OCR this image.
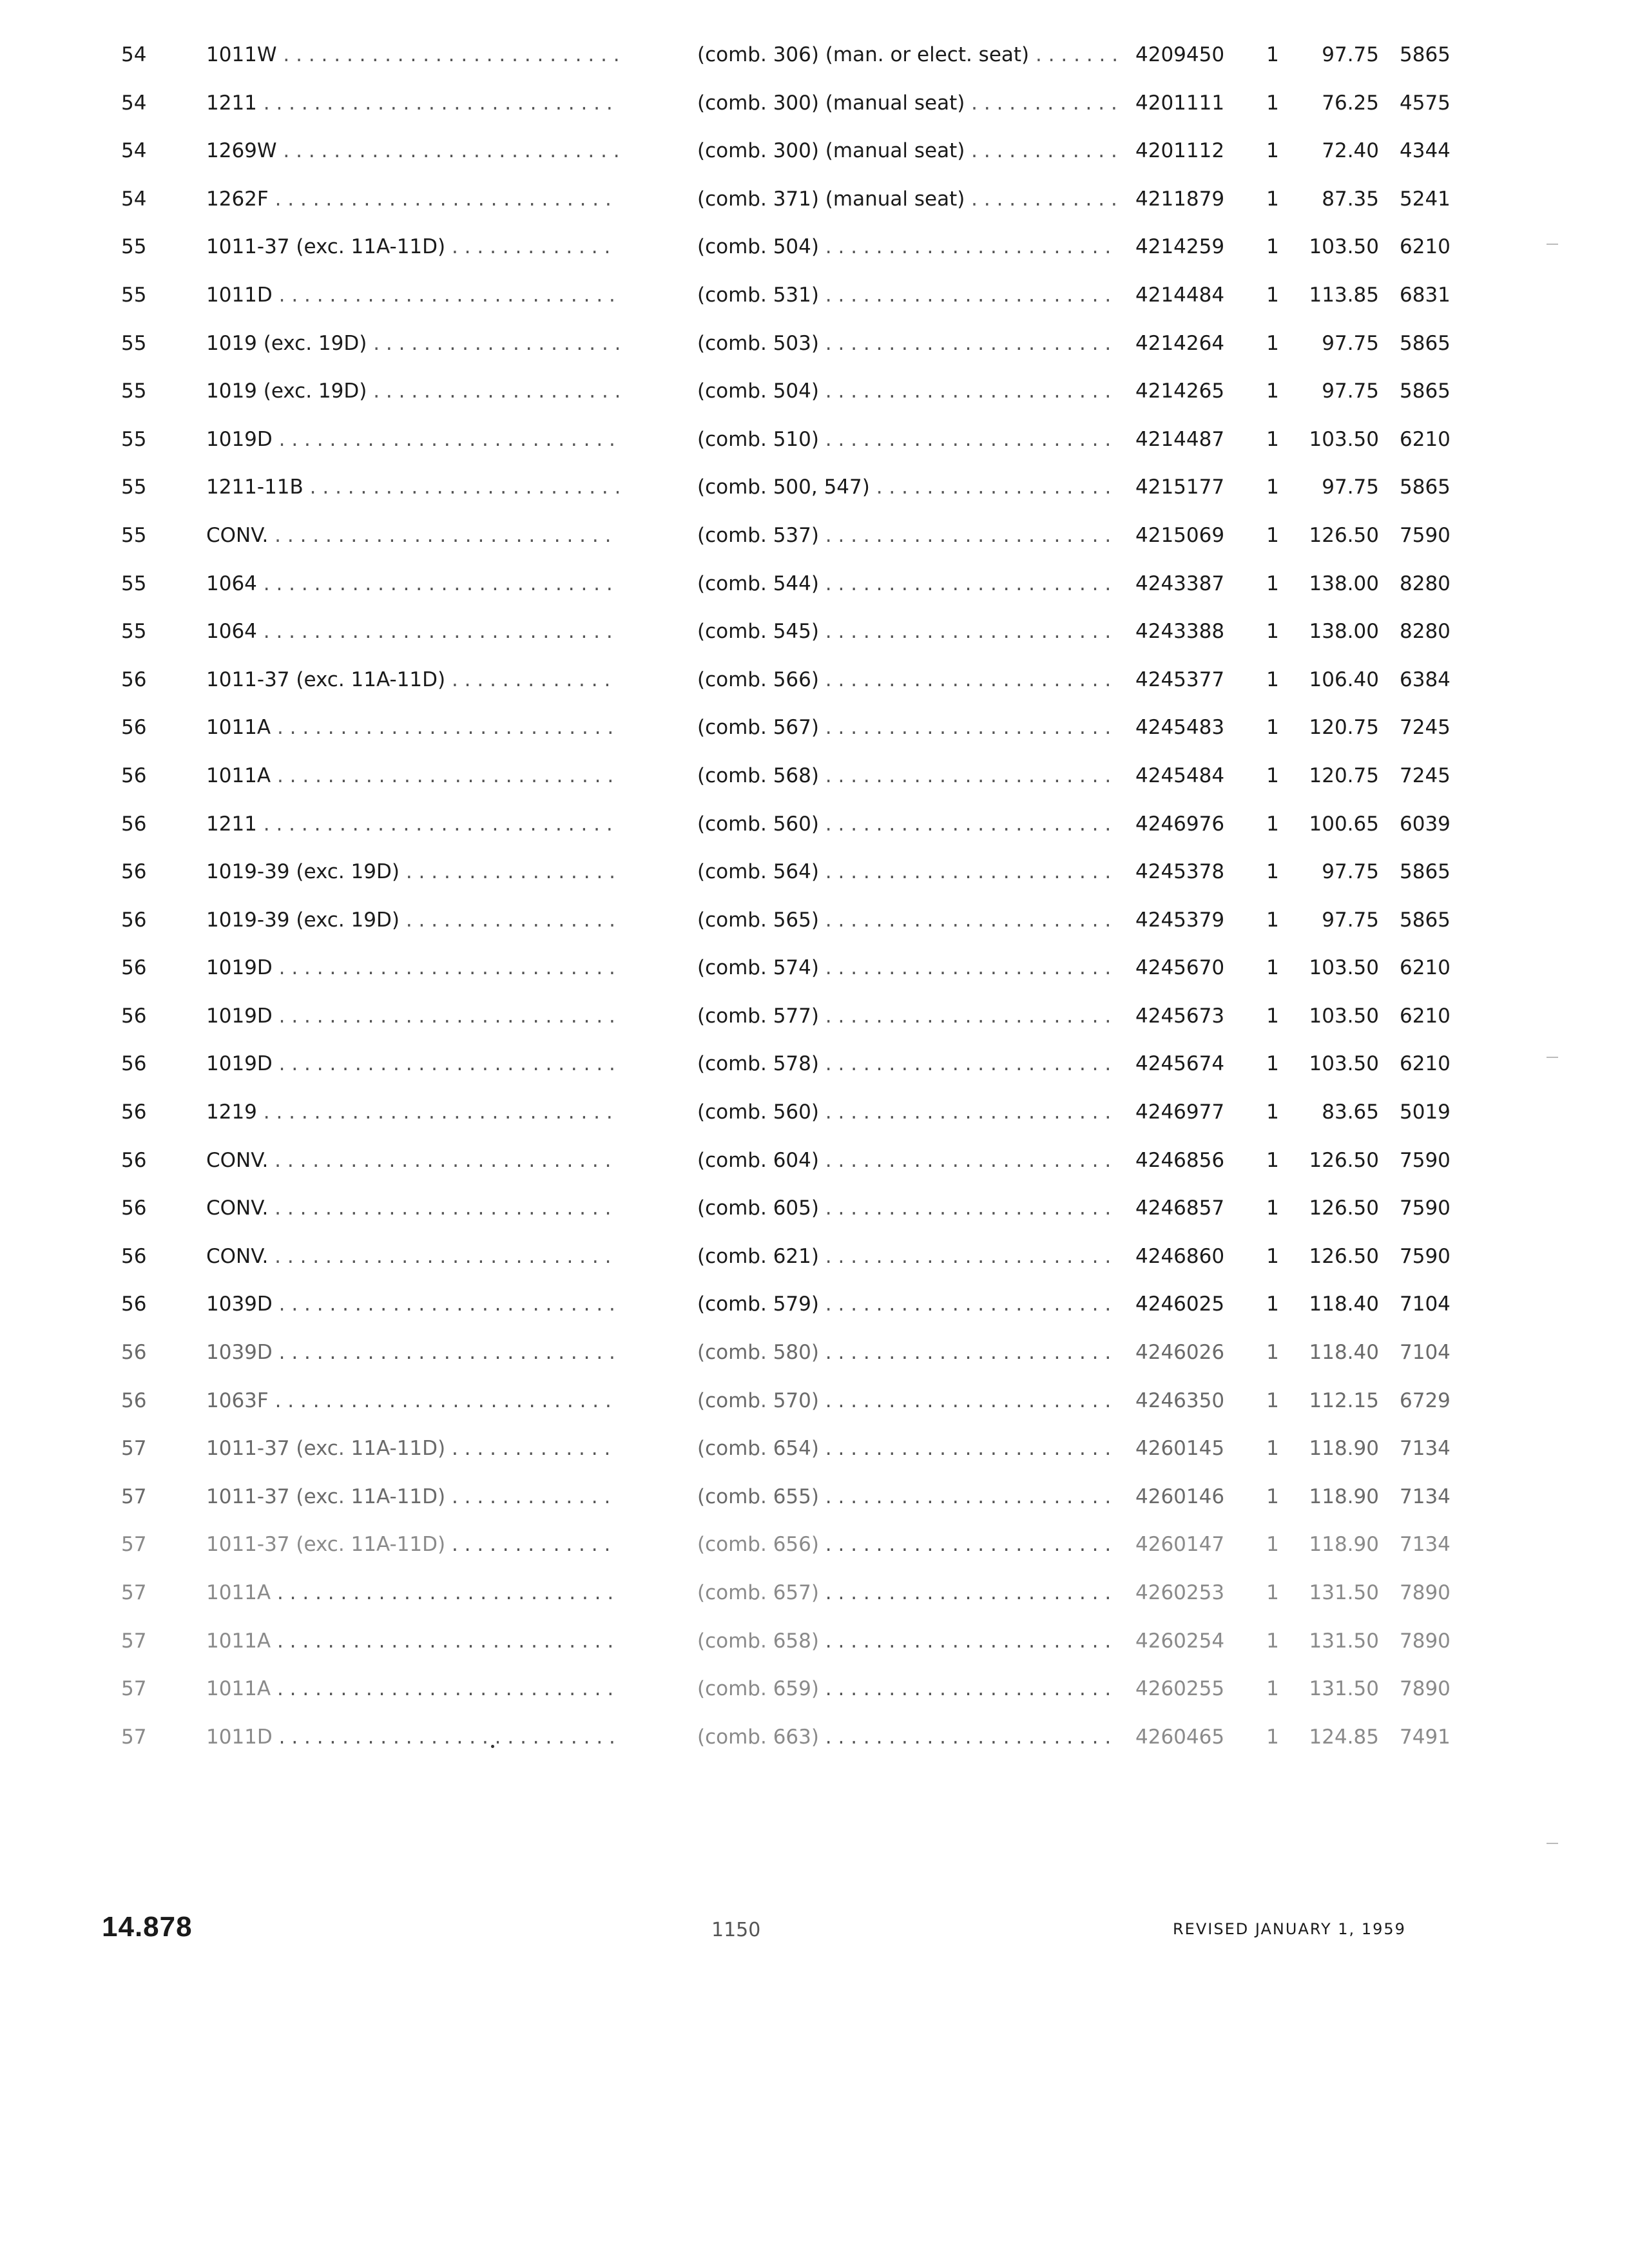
54	1011W . . .	(comb. 306) (man. or elect. seat) . . .	4209450	1	97.75 5865
54	1211 . . .	(comb. 300) (manual seat) . . .	4201111	1	76.25 4575
54	1269W . . .	(comb. 300) (manual seat) . . .	4201112	1	72.40 4344
54	1262F . . .	(comb. 371) (manual seat) . . .	4211879	1	87.35 5241
55	1011-37 (exc. 11A-11D) . . .	(comb. 504) . . .	4214259	1	103.50 6210
55	1011D . . .	(comb. 531) . . .	4214484	1	113.85 6831
55	1019 (exc. 19D) . . .	(comb. 503) . . .	4214264	1	97.75 5865
55	1019 (exc. 19D) . . .	(comb. 504) . . .	4214265	1	97.75 5865
55	1019D . . .	(comb. 510) . . .	4214487	1	103.50 6210
55	1211-11B . . .	(comb. 500, 547) . . .	4215177	1	97.75 5865
55	CONV. . . .	(comb. 537) . . .	4215069	1	126.50 7590
55	1064 . . .	(comb. 544) . . .	4243387	1	138.00 8280
55	1064 . . .	(comb. 545) . . .	4243388	1	138.00 8280
56	1011-37 (exc. 11A-11D) . . .	(comb. 566) . . .	4245377	1	106.40 6384
56	1011A . . .	(comb. 567) . . .	4245483	1	120.75 7245
56	1011A . . .	(comb. 568) . . .	4245484	1	120.75 7245
56	1211 . . .	(comb. 560) . . .	4246976	1	100.65 6039
56	1019-39 (exc. 19D) . . .	(comb. 564) . . .	4245378	1	97.75 5865
56	1019-39 (exc. 19D) . . .	(comb. 565) . . .	4245379	1	97.75 5865
56	1019D . . .	(comb. 574) . . .	4245670	1	103.50 6210
56	1019D . . .	(comb. 577) . . .	4245673	1	103.50 6210
56	1019D . . .	(comb. 578) . . .	4245674	1	103.50 6210
56	1219 . . .	(comb. 560) . . .	4246977	1	83.65 5019
56	CONV. . . .	(comb. 604) . . .	4246856	1	126.50 7590
56	CONV. . . .	(comb. 605) . . .	4246857	1	126.50 7590
56	CONV. . . .	(comb. 621) . . .	4246860	1	126.50 7590
56	1039D . . .	(comb. 579) . . .	4246025	1	118.40 7104
56	1039D . . .	(comb. 580) . . .	4246026	1	118.40 7104
56	1063F . . .	(comb. 570) . . .	4246350	1	112.15 6729
57	1011-37 (exc. 11A-11D) . . .	(comb. 654) . . .	4260145	1	118.90 7134
57	1011-37 (exc. 11A-11D) . . .	(comb. 655) . . .	4260146	1	118.90 7134
57	1011-37 (exc. 11A-11D) . . .	(comb. 656) . . .	4260147	1	118.90 7134
57	1011A . . .	(comb. 657) . . .	4260253	1	131.50 7890
57	1011A . . .	(comb. 658) . . .	4260254	1	131.50 7890
57	1011A . . .	(comb. 659) . . .	4260255	1	131.50 7890
57	1011D . . .	(comb. 663) . . .	4260465	1	124.85 7491
14.878	1150	REVISED JANUARY 1, 1959
